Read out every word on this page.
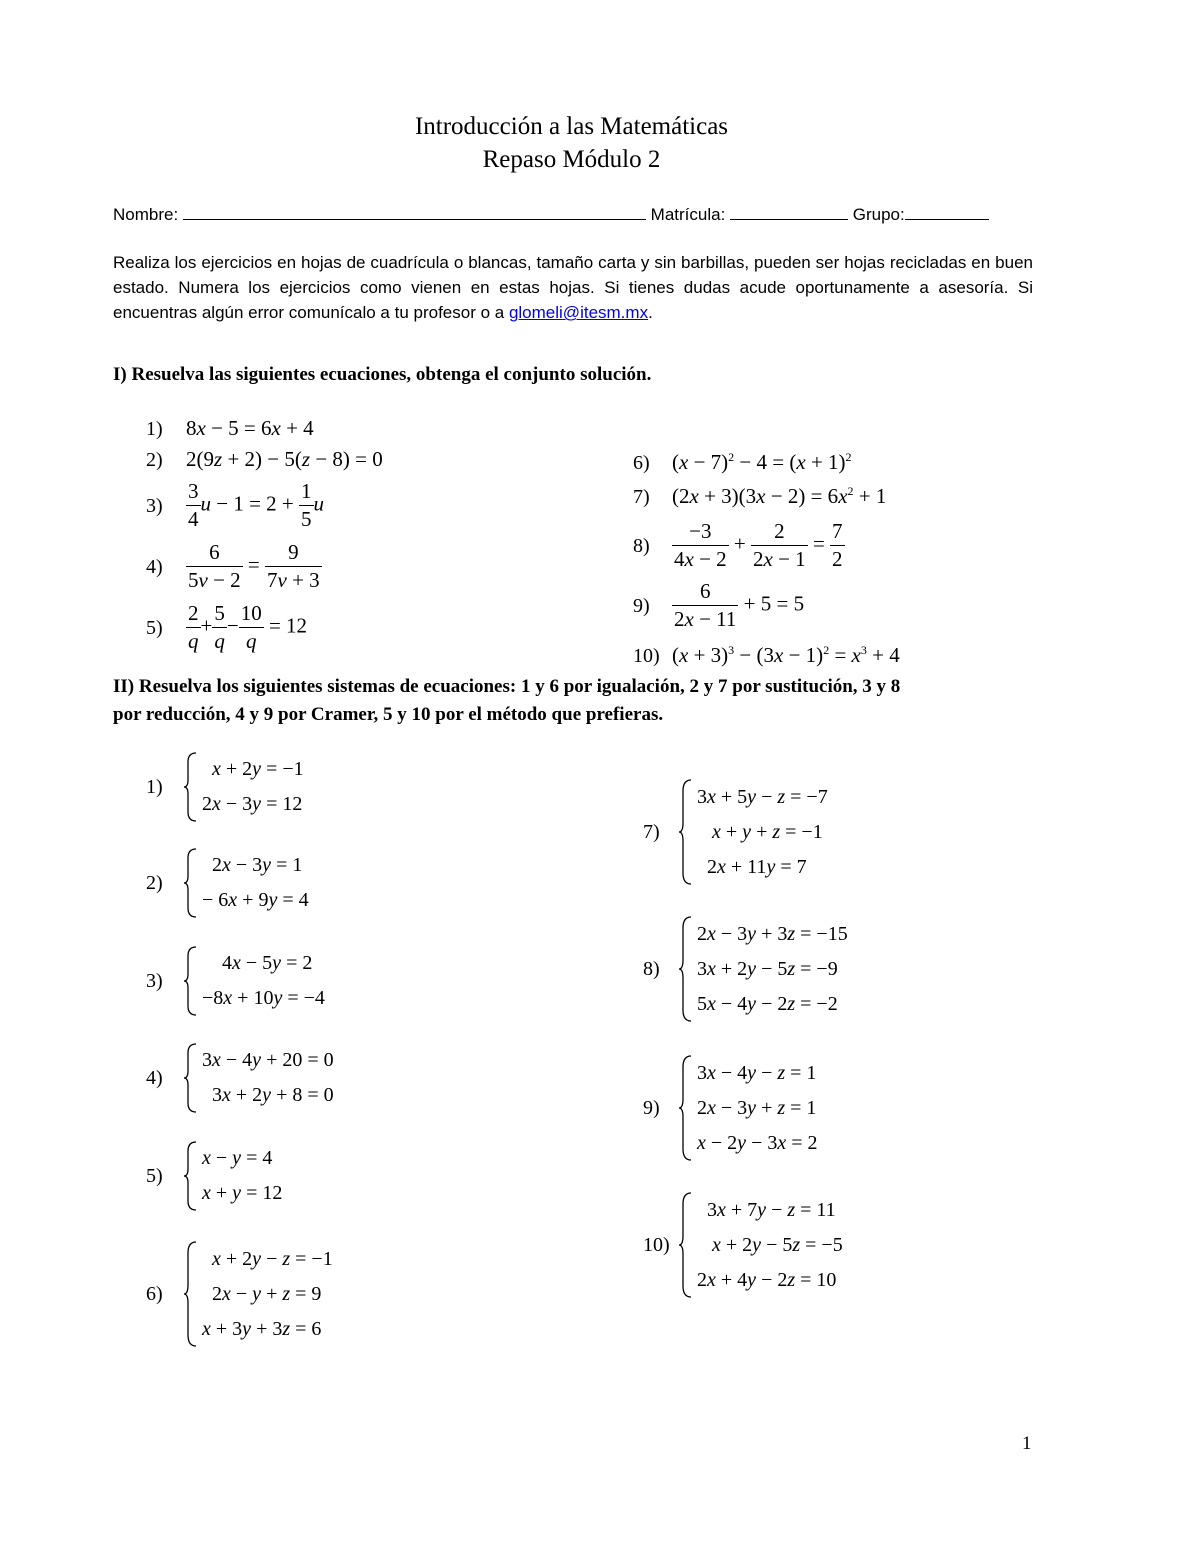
Introducción a las Matemáticas
Repaso Módulo 2
Nombre:	Matrícula:	Grupo:
Realiza los ejercicios en hojas de cuadrícula o blancas, tamaño carta y sin barbillas, pueden ser hojas recicladas en buen estado. Numera los ejercicios como vienen en estas hojas. Si tienes dudas acude oportunamente a asesoría. Si encuentras algún error comunícalo a tu profesor o a glomeli@itesm.mx.
I) Resuelva las siguientes ecuaciones, obtenga el conjunto solución.
1) 8x − 5 = 6x + 4
2) 2(9z + 2) − 5(z − 8) = 0
$3) \frac{3}{4}$ $u - 1 = 2 + \frac{1}{5}$ u
$4) \frac{6}{5v - 2} = \frac{9}{7v + 3}$
$5) \frac{2}{q} + \frac{5}{q} - \frac{10}{q} = 12$
6) $(x - 7)^2 - 4 = (x + 1)^2$
7) $(2x + 3)(3x - 2) = 6x^2 + 1$
$8) \frac{-3}{4x - 2} + \frac{2}{2x - 1} = \frac{7}{2}$
$9) \frac{6}{2x - 11} + 5 = 5$
10) $(x + 3)^3 - (3x - 1)^2 = x^3 + 4$
II) Resuelva los siguientes sistemas de ecuaciones: 1 y 6 por igualación, 2 y 7 por sustitución, 3 y 8
por reducción, 4 y 9 por Cramer, 5 y 10 por el método que prefieras.
1)
x + 2y = −1
2x − 3y = 12
2)
2x − 3y = 1
− 6x + 9y = 4
3)
4x − 5y = 2
−8x + 10y = −4
4)
3x − 4y + 20 = 0
3x + 2y + 8 = 0
5)
x − y = 4
x + y = 12
6)
x + 2y − z = −1
2x − y + z = 9
x + 3y + 3z = 6
7)
3x + 5y − z = −7
x + y + z = −1
2x + 11y = 7
8)
2x − 3y + 3z = −15
3x + 2y − 5z = −9
5x − 4y − 2z = −2
9)
3x − 4y − z = 1
2x − 3y + z = 1
x − 2y − 3x = 2
10)
3x + 7y − z = 11
x + 2y − 5z = −5
2x + 4y − 2z = 10
1
